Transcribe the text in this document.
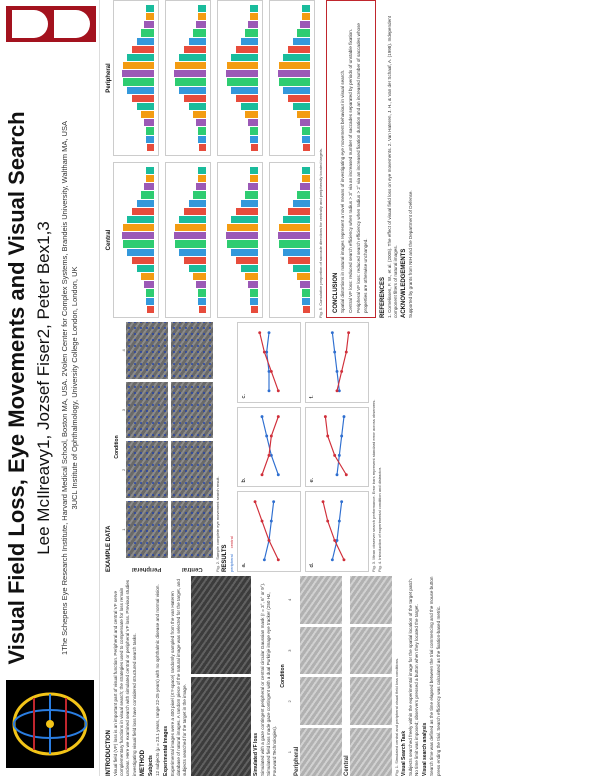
Visual Field Loss, Eye Movements and Visual Search Lee McIlreavy1, Jozsef Fiser2, Peter Bex1,3 1The Schepens Eye Research Institute, Harvard Medical School, Boston MA, USA. 2Volen Center for Complex Systems, Brandeis University, Waltham MA, USA 3UCL Institute of Ophthalmology, University College London, London, UK
INTRODUCTION Visual field (VF) loss is an important part of visual function. Peripheral and central VF serve complementary functions in visual search; the strategies used to compensate for loss remain unclear. Here we examined search with simulated central or peripheral VF loss. Previous studies investigating visual field loss have considered structured search tasks. METHOD Subjects 12 subjects (μ = 23.1 years, range 22-25 years) with no ophthalmic disease and normal vision. Experimental Images Experimental images were a 400 pixel (XY-space) randomly sampled from the van Hateren database of natural images. A random piece of the natural image was selected for the target, and subjects searched for the target in the image.	Simulated VF loss Simulated with a gaze contingent peripheral or central circular Gaussian mask (r = 3°, 6° or 9°). Simulated field loss made gaze contingent with a dual Purkinje image eye tracker (250 Hz, Fourward Technologies).
Condition
1
2
3
4
Peripheral	Central	Fig. 1. Simulated central and peripheral visual field loss conditions. Visual Search Task Subjects searched freely within the experimental image for the spatial location of the target patch. No time limit was imposed; observers pressed a button when they located the target. Visual search analysis Search time was defined as the time elapsed between the trial commencing and the mouse button press ending the trial. Search efficiency was calculated as the fixation-based metric.
EXAMPLE DATA
Condition
1
2
3
4
Peripheral	Central	Fig. 2. Sample complete eye movement search result. RESULTS peripheral
central
a.
b.
c.
d.
e.
f.
Fig. 3. Mean observer search performance. Error bars represent standard error across observers. Fig. 4. Introduction of experimental condition and distractor.
Central
Peripheral
Fig. 5. Cumulative proportion of saccade directions for centrally and peripherally located targets. CONCLUSION Spatial distortions in natural images represent a novel means of investigating eye movement behaviour in visual search. Central VF loss: reduced search efficiency when radius > 3° via an increased number of saccades separated by periods of unstable fixation. Peripheral VF loss: reduced search efficiency when radius > 2° via an increased fixation duration and an increased number of saccades whose properties are otherwise unchanged. REFERENCES 1. Cornelissen, F. W., et al. (2005). The effect of visual field loss on eye movements. 2. Van Hateren, J. H., & Van der Schaaf, A. (1998). Independent component filters of natural images. ACKNOWLEDGEMENTS Supported by grants from NIH and the Department of Defense.
